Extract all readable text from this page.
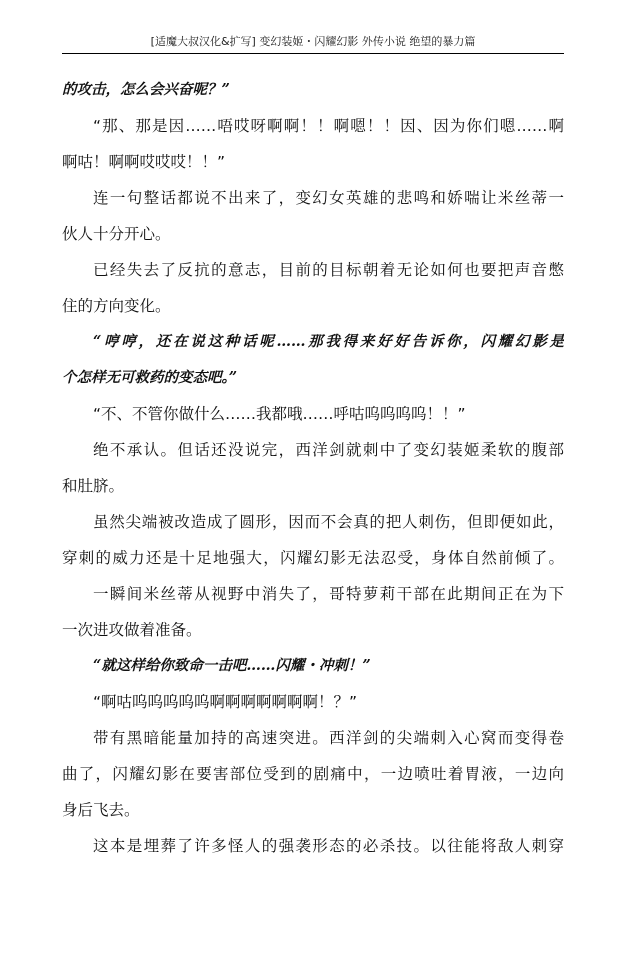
[适魔大叔汉化&扩写] 变幻装姬・闪耀幻影 外传小说 绝望的暴力篇
的攻击，怎么会兴奋呢？”
“那、那是因……唔哎呀啊啊！！啊嗯！！因、因为你们嗯……啊
啊咕！啊啊哎哎哎！！”
连一句整话都说不出来了，变幻女英雄的悲鸣和娇喘让米丝蒂一
伙人十分开心。
已经失去了反抗的意志，目前的目标朝着无论如何也要把声音憋
住的方向变化。
“哼哼，还在说这种话呢……那我得来好好告诉你，闪耀幻影是
个怎样无可救药的变态吧。”
“不、不管你做什么……我都哦……呼咕呜呜呜呜！！”
绝不承认。但话还没说完，西洋剑就刺中了变幻装姬柔软的腹部
和肚脐。
虽然尖端被改造成了圆形，因而不会真的把人刺伤，但即便如此，
穿刺的威力还是十足地强大，闪耀幻影无法忍受，身体自然前倾了。
一瞬间米丝蒂从视野中消失了，哥特萝莉干部在此期间正在为下
一次进攻做着准备。
“就这样给你致命一击吧……闪耀・冲刺！”
“啊咕呜呜呜呜呜啊啊啊啊啊啊啊！？”
带有黑暗能量加持的高速突进。西洋剑的尖端刺入心窝而变得卷
曲了，闪耀幻影在要害部位受到的剧痛中，一边喷吐着胃液，一边向
身后飞去。
这本是埋葬了许多怪人的强袭形态的必杀技。以往能将敌人刺穿
